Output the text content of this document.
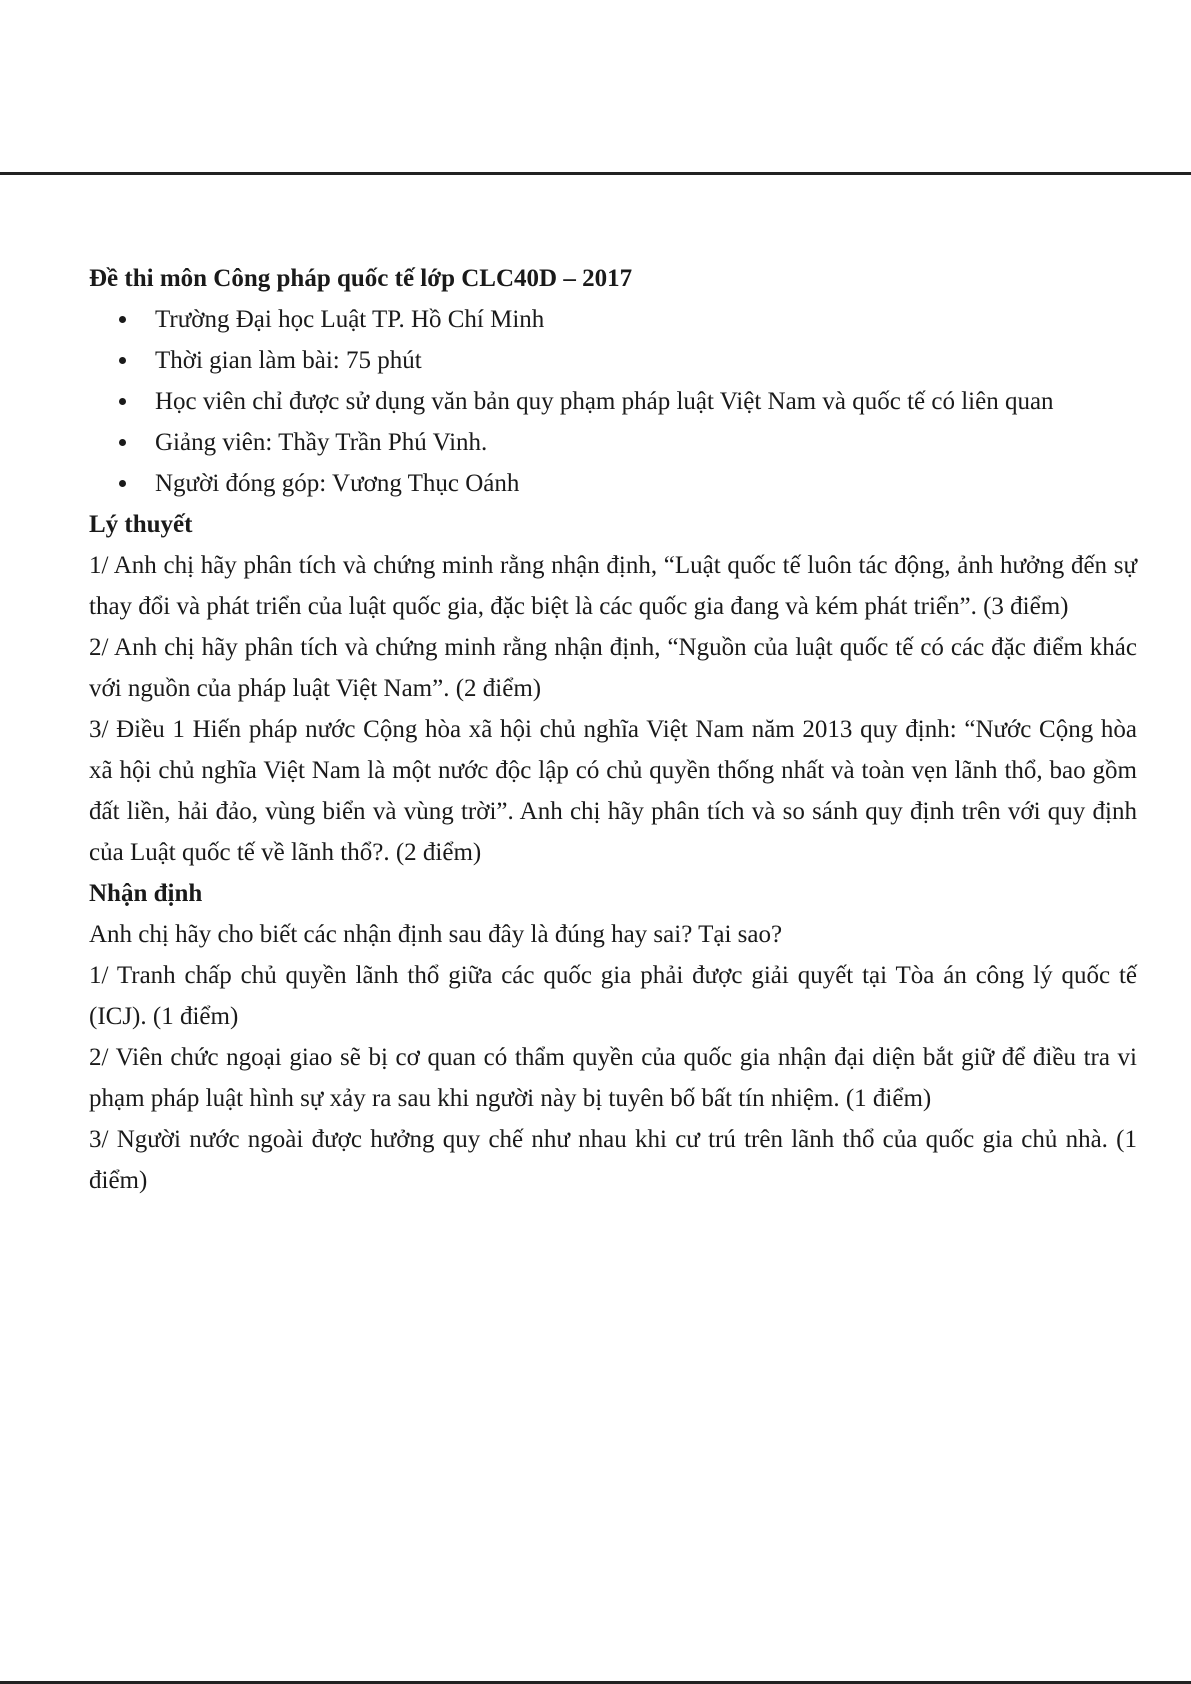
Đề thi môn Công pháp quốc tế lớp CLC40D – 2017

Trường Đại học Luật TP. Hồ Chí Minh
Thời gian làm bài: 75 phút
Học viên chỉ được sử dụng văn bản quy phạm pháp luật Việt Nam và quốc tế có liên quan
Giảng viên: Thầy Trần Phú Vinh.
Người đóng góp: Vương Thục Oánh

Lý thuyết

1/ Anh chị hãy phân tích và chứng minh rằng nhận định, “Luật quốc tế luôn tác động, ảnh hưởng đến sự thay đổi và phát triển của luật quốc gia, đặc biệt là các quốc gia đang và kém phát triển”. (3 điểm)

2/ Anh chị hãy phân tích và chứng minh rằng nhận định, “Nguồn của luật quốc tế có các đặc điểm khác với nguồn của pháp luật Việt Nam”. (2 điểm)

3/ Điều 1 Hiến pháp nước Cộng hòa xã hội chủ nghĩa Việt Nam năm 2013 quy định: “Nước Cộng hòa xã hội chủ nghĩa Việt Nam là một nước độc lập có chủ quyền thống nhất và toàn vẹn lãnh thổ, bao gồm đất liền, hải đảo, vùng biển và vùng trời”. Anh chị hãy phân tích và so sánh quy định trên với quy định của Luật quốc tế về lãnh thổ?. (2 điểm)

Nhận định

Anh chị hãy cho biết các nhận định sau đây là đúng hay sai? Tại sao?

1/ Tranh chấp chủ quyền lãnh thổ giữa các quốc gia phải được giải quyết tại Tòa án công lý quốc tế (ICJ). (1 điểm)

2/ Viên chức ngoại giao sẽ bị cơ quan có thẩm quyền của quốc gia nhận đại diện bắt giữ để điều tra vi phạm pháp luật hình sự xảy ra sau khi người này bị tuyên bố bất tín nhiệm. (1 điểm)

3/ Người nước ngoài được hưởng quy chế như nhau khi cư trú trên lãnh thổ của quốc gia chủ nhà. (1 điểm)
